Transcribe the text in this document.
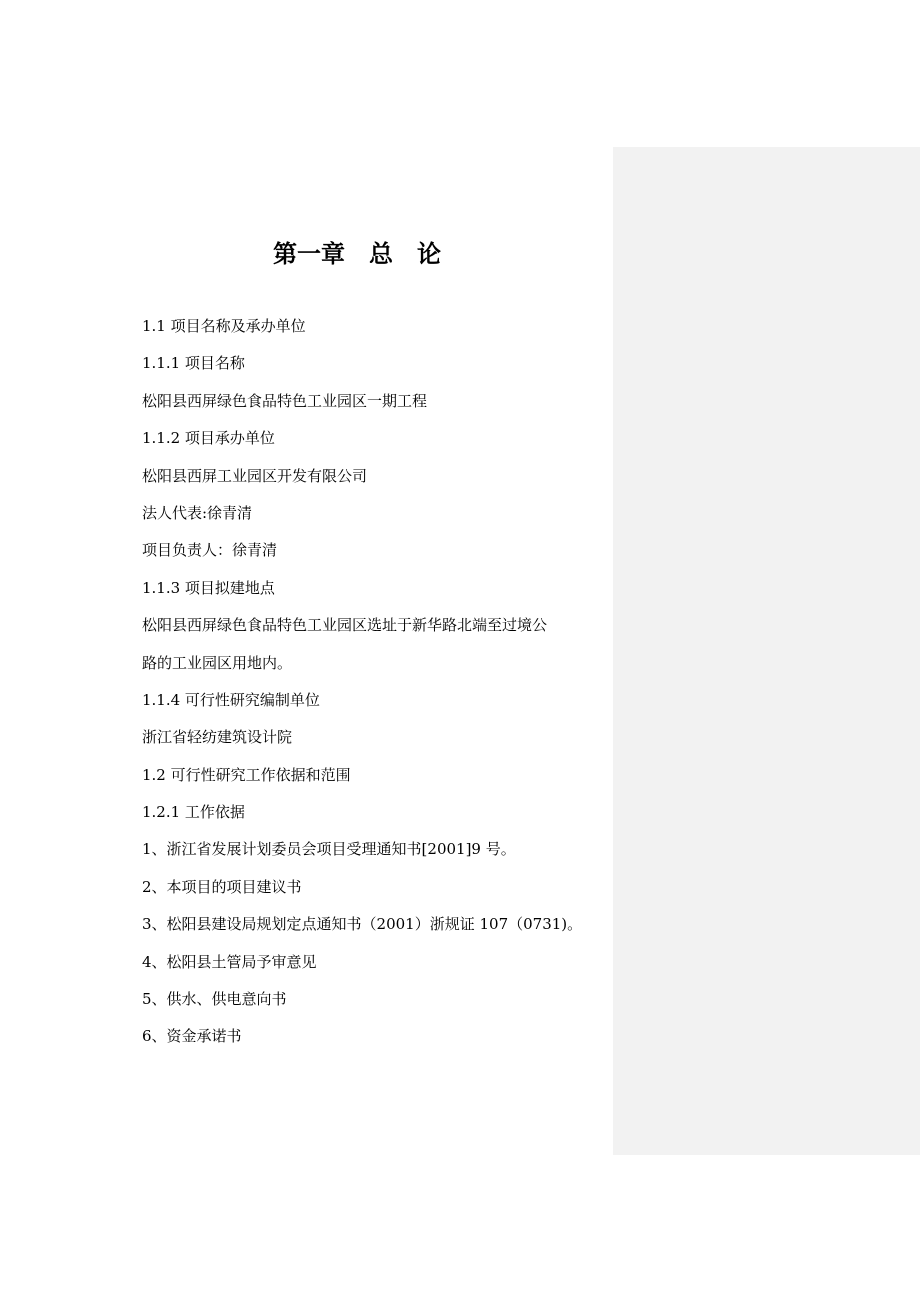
第一章　总　论
1.1 项目名称及承办单位
1.1.1 项目名称
松阳县西屏绿色食品特色工业园区一期工程
1.1.2 项目承办单位
松阳县西屏工业园区开发有限公司
法人代表:徐青清
项目负责人：徐青清
1.1.3 项目拟建地点
松阳县西屏绿色食品特色工业园区选址于新华路北端至过境公
路的工业园区用地内。
1.1.4 可行性研究编制单位
浙江省轻纺建筑设计院
1.2 可行性研究工作依据和范围
1.2.1 工作依据
1、浙江省发展计划委员会项目受理通知书[2001]9 号。
2、本项目的项目建议书
3、松阳县建设局规划定点通知书（2001）浙规证 107（0731)。
4、松阳县土管局予审意见
5、供水、供电意向书
6、资金承诺书
